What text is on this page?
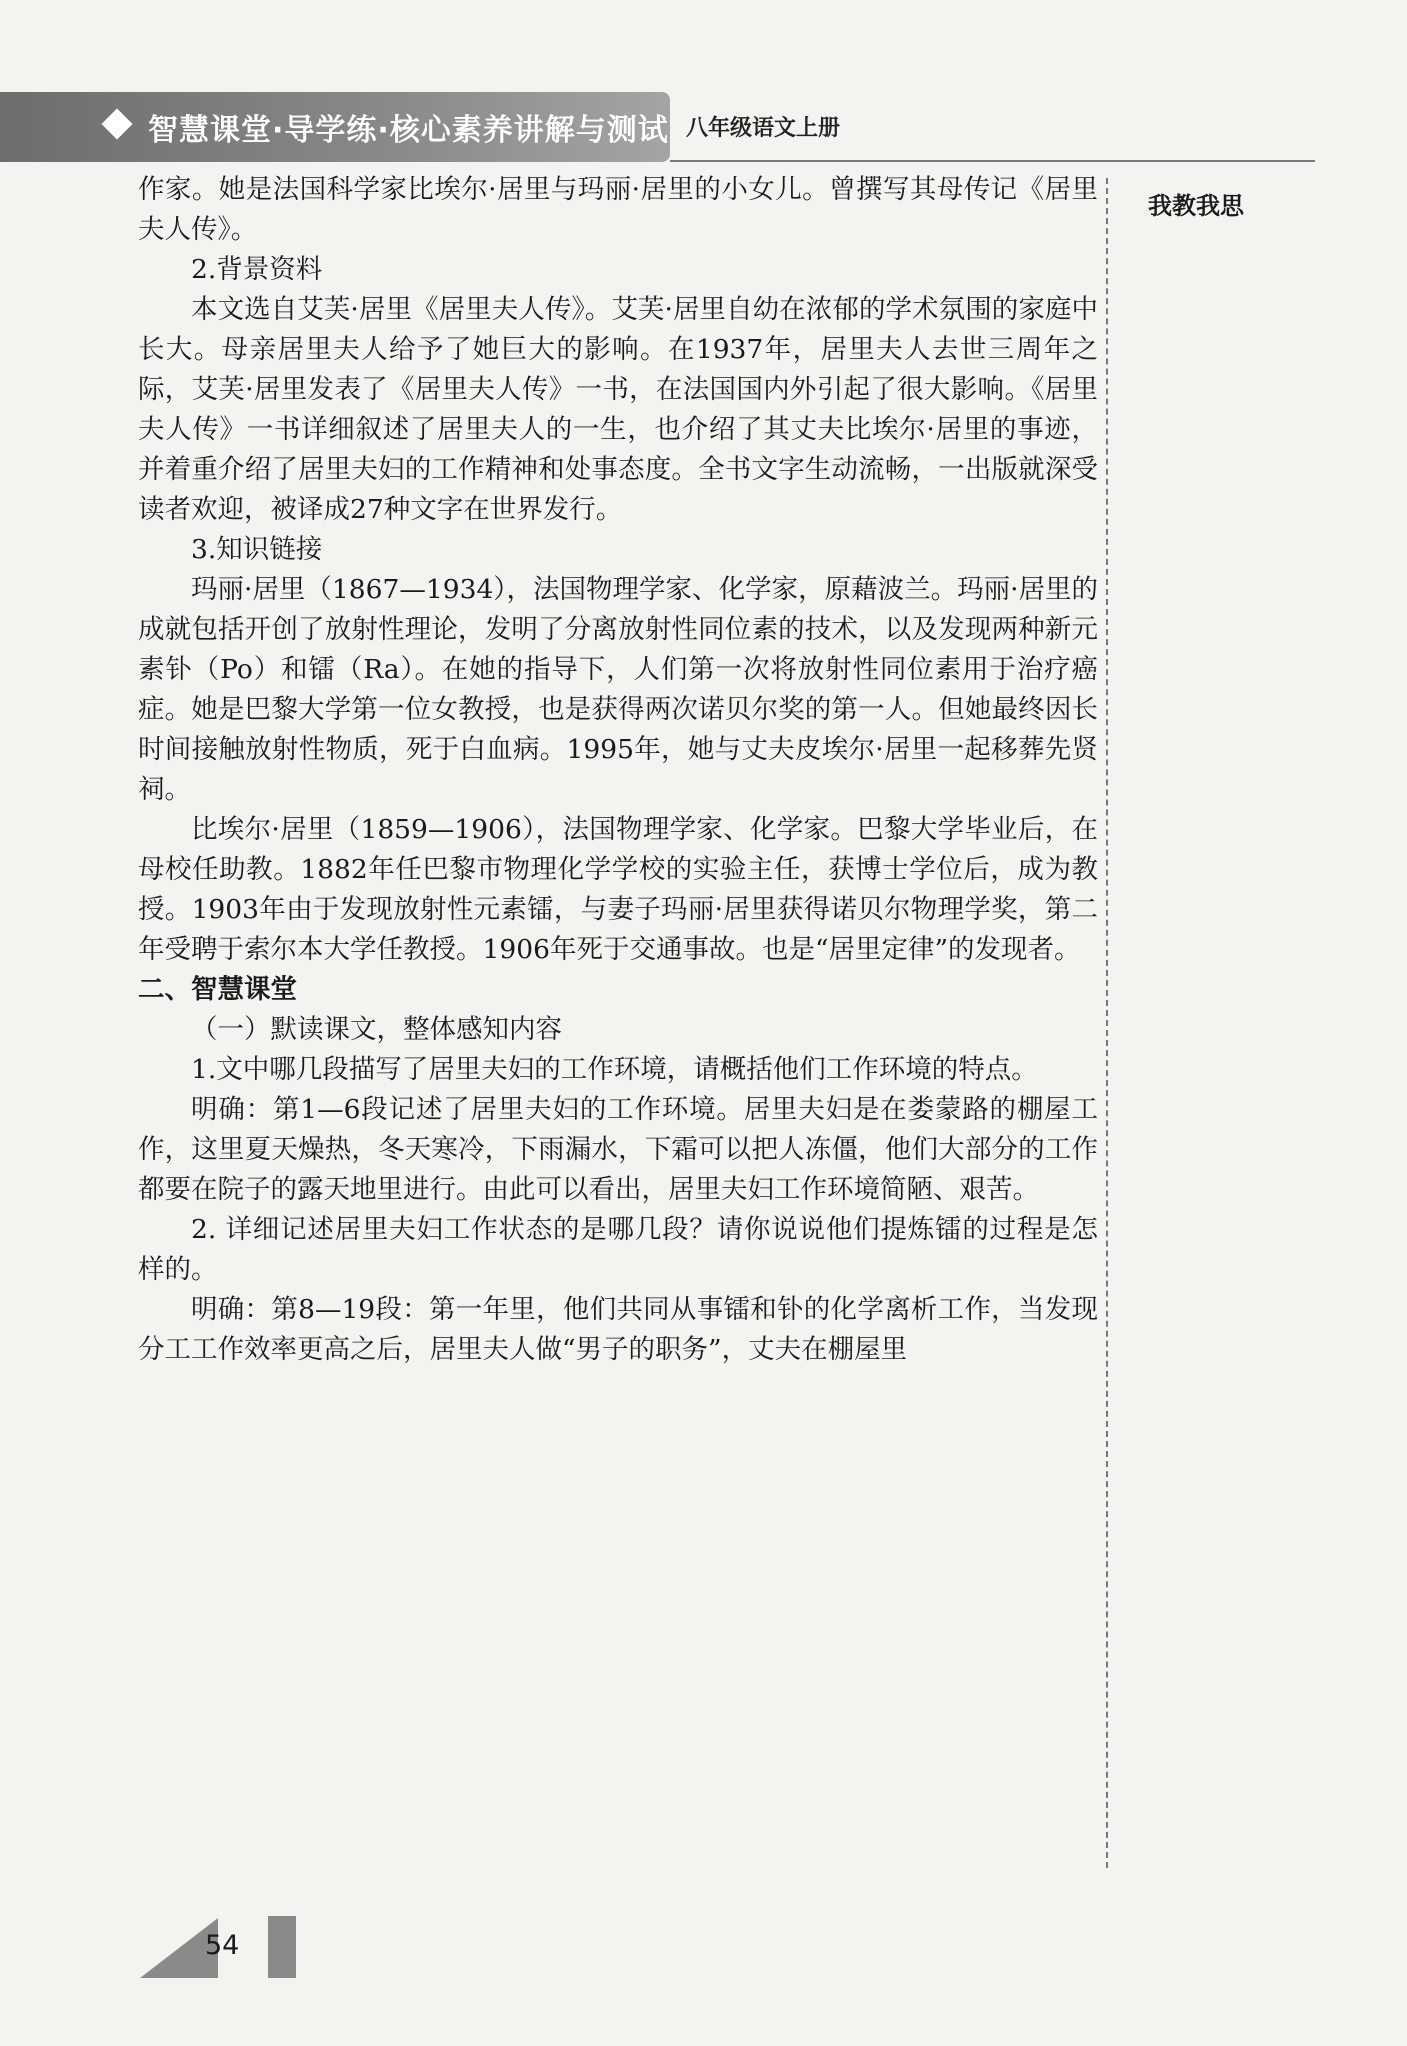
智慧课堂·导学练·核心素养讲解与测试 八年级语文上册
我教我思

作家。她是法国科学家比埃尔·居里与玛丽·居里的小女儿。曾撰写其母传记《居里夫人传》。

2.背景资料

本文选自艾芙·居里《居里夫人传》。艾芙·居里自幼在浓郁的学术氛围的家庭中长大。母亲居里夫人给予了她巨大的影响。在1937年，居里夫人去世三周年之际，艾芙·居里发表了《居里夫人传》一书，在法国国内外引起了很大影响。《居里夫人传》一书详细叙述了居里夫人的一生，也介绍了其丈夫比埃尔·居里的事迹，并着重介绍了居里夫妇的工作精神和处事态度。全书文字生动流畅，一出版就深受读者欢迎，被译成27种文字在世界发行。

3.知识链接

玛丽·居里（1867—1934），法国物理学家、化学家，原藉波兰。玛丽·居里的成就包括开创了放射性理论，发明了分离放射性同位素的技术，以及发现两种新元素钋（Po）和镭（Ra）。在她的指导下，人们第一次将放射性同位素用于治疗癌症。她是巴黎大学第一位女教授，也是获得两次诺贝尔奖的第一人。但她最终因长时间接触放射性物质，死于白血病。1995年，她与丈夫皮埃尔·居里一起移葬先贤祠。

比埃尔·居里（1859—1906），法国物理学家、化学家。巴黎大学毕业后，在母校任助教。1882年任巴黎市物理化学学校的实验主任，获博士学位后，成为教授。1903年由于发现放射性元素镭，与妻子玛丽·居里获得诺贝尔物理学奖，第二年受聘于索尔本大学任教授。1906年死于交通事故。也是“居里定律”的发现者。

二、智慧课堂

（一）默读课文，整体感知内容

1.文中哪几段描写了居里夫妇的工作环境，请概括他们工作环境的特点。

明确：第1—6段记述了居里夫妇的工作环境。居里夫妇是在娄蒙路的棚屋工作，这里夏天燥热，冬天寒冷，下雨漏水，下霜可以把人冻僵，他们大部分的工作都要在院子的露天地里进行。由此可以看出，居里夫妇工作环境简陋、艰苦。

2. 详细记述居里夫妇工作状态的是哪几段？请你说说他们提炼镭的过程是怎样的。

明确：第8—19段：第一年里，他们共同从事镭和钋的化学离析工作，当发现分工工作效率更高之后，居里夫人做“男子的职务”，丈夫在棚屋里

54
